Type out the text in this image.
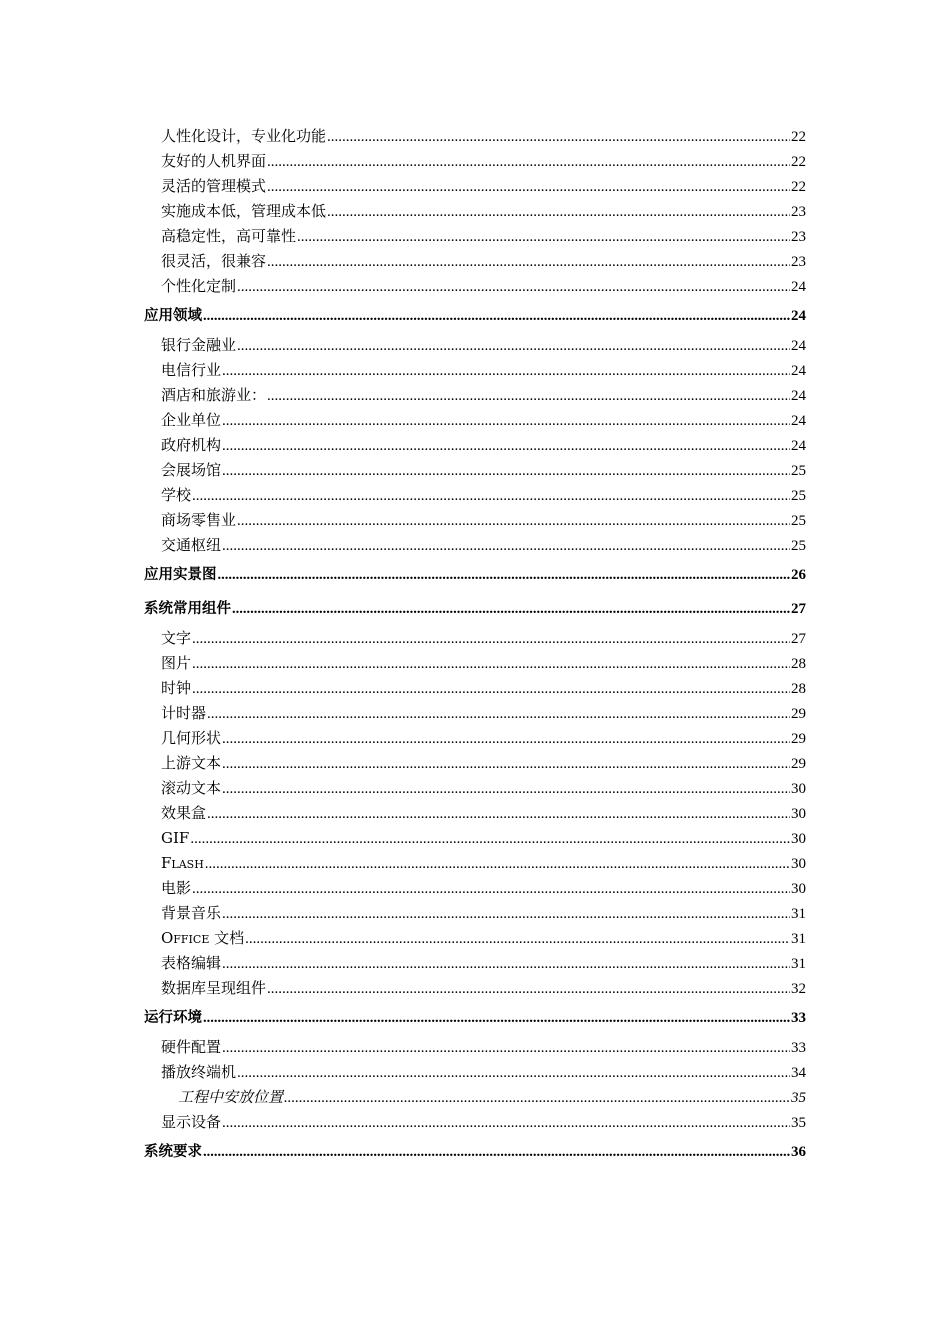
人性化设计，专业化功能 .....	22
友好的人机界面 .....	22
灵活的管理模式 .....	22
实施成本低，管理成本低 .....	23
高稳定性，高可靠性 .....	23
很灵活，很兼容 .....	23
个性化定制 .....	24
应用领域 .....	24
银行金融业 .....	24
电信行业 .....	24
酒店和旅游业： .....	24
企业单位 .....	24
政府机构 .....	24
会展场馆 .....	25
学校 .....	25
商场零售业 .....	25
交通枢纽 .....	25
应用实景图 .....	26
系统常用组件 .....	27
文字 .....	27
图片 .....	28
时钟 .....	28
计时器 .....	29
几何形状 .....	29
上游文本 .....	29
滚动文本 .....	30
效果盒 .....	30
GIF .....	30
Flash .....	30
电影 .....	30
背景音乐 .....	31
Office 文档 .....	31
表格编辑 .....	31
数据库呈现组件 .....	32
运行环境 .....	33
硬件配置 .....	33
播放终端机 .....	34
工程中安放位置 .....	35
显示设备 .....	35
系统要求 .....	36
